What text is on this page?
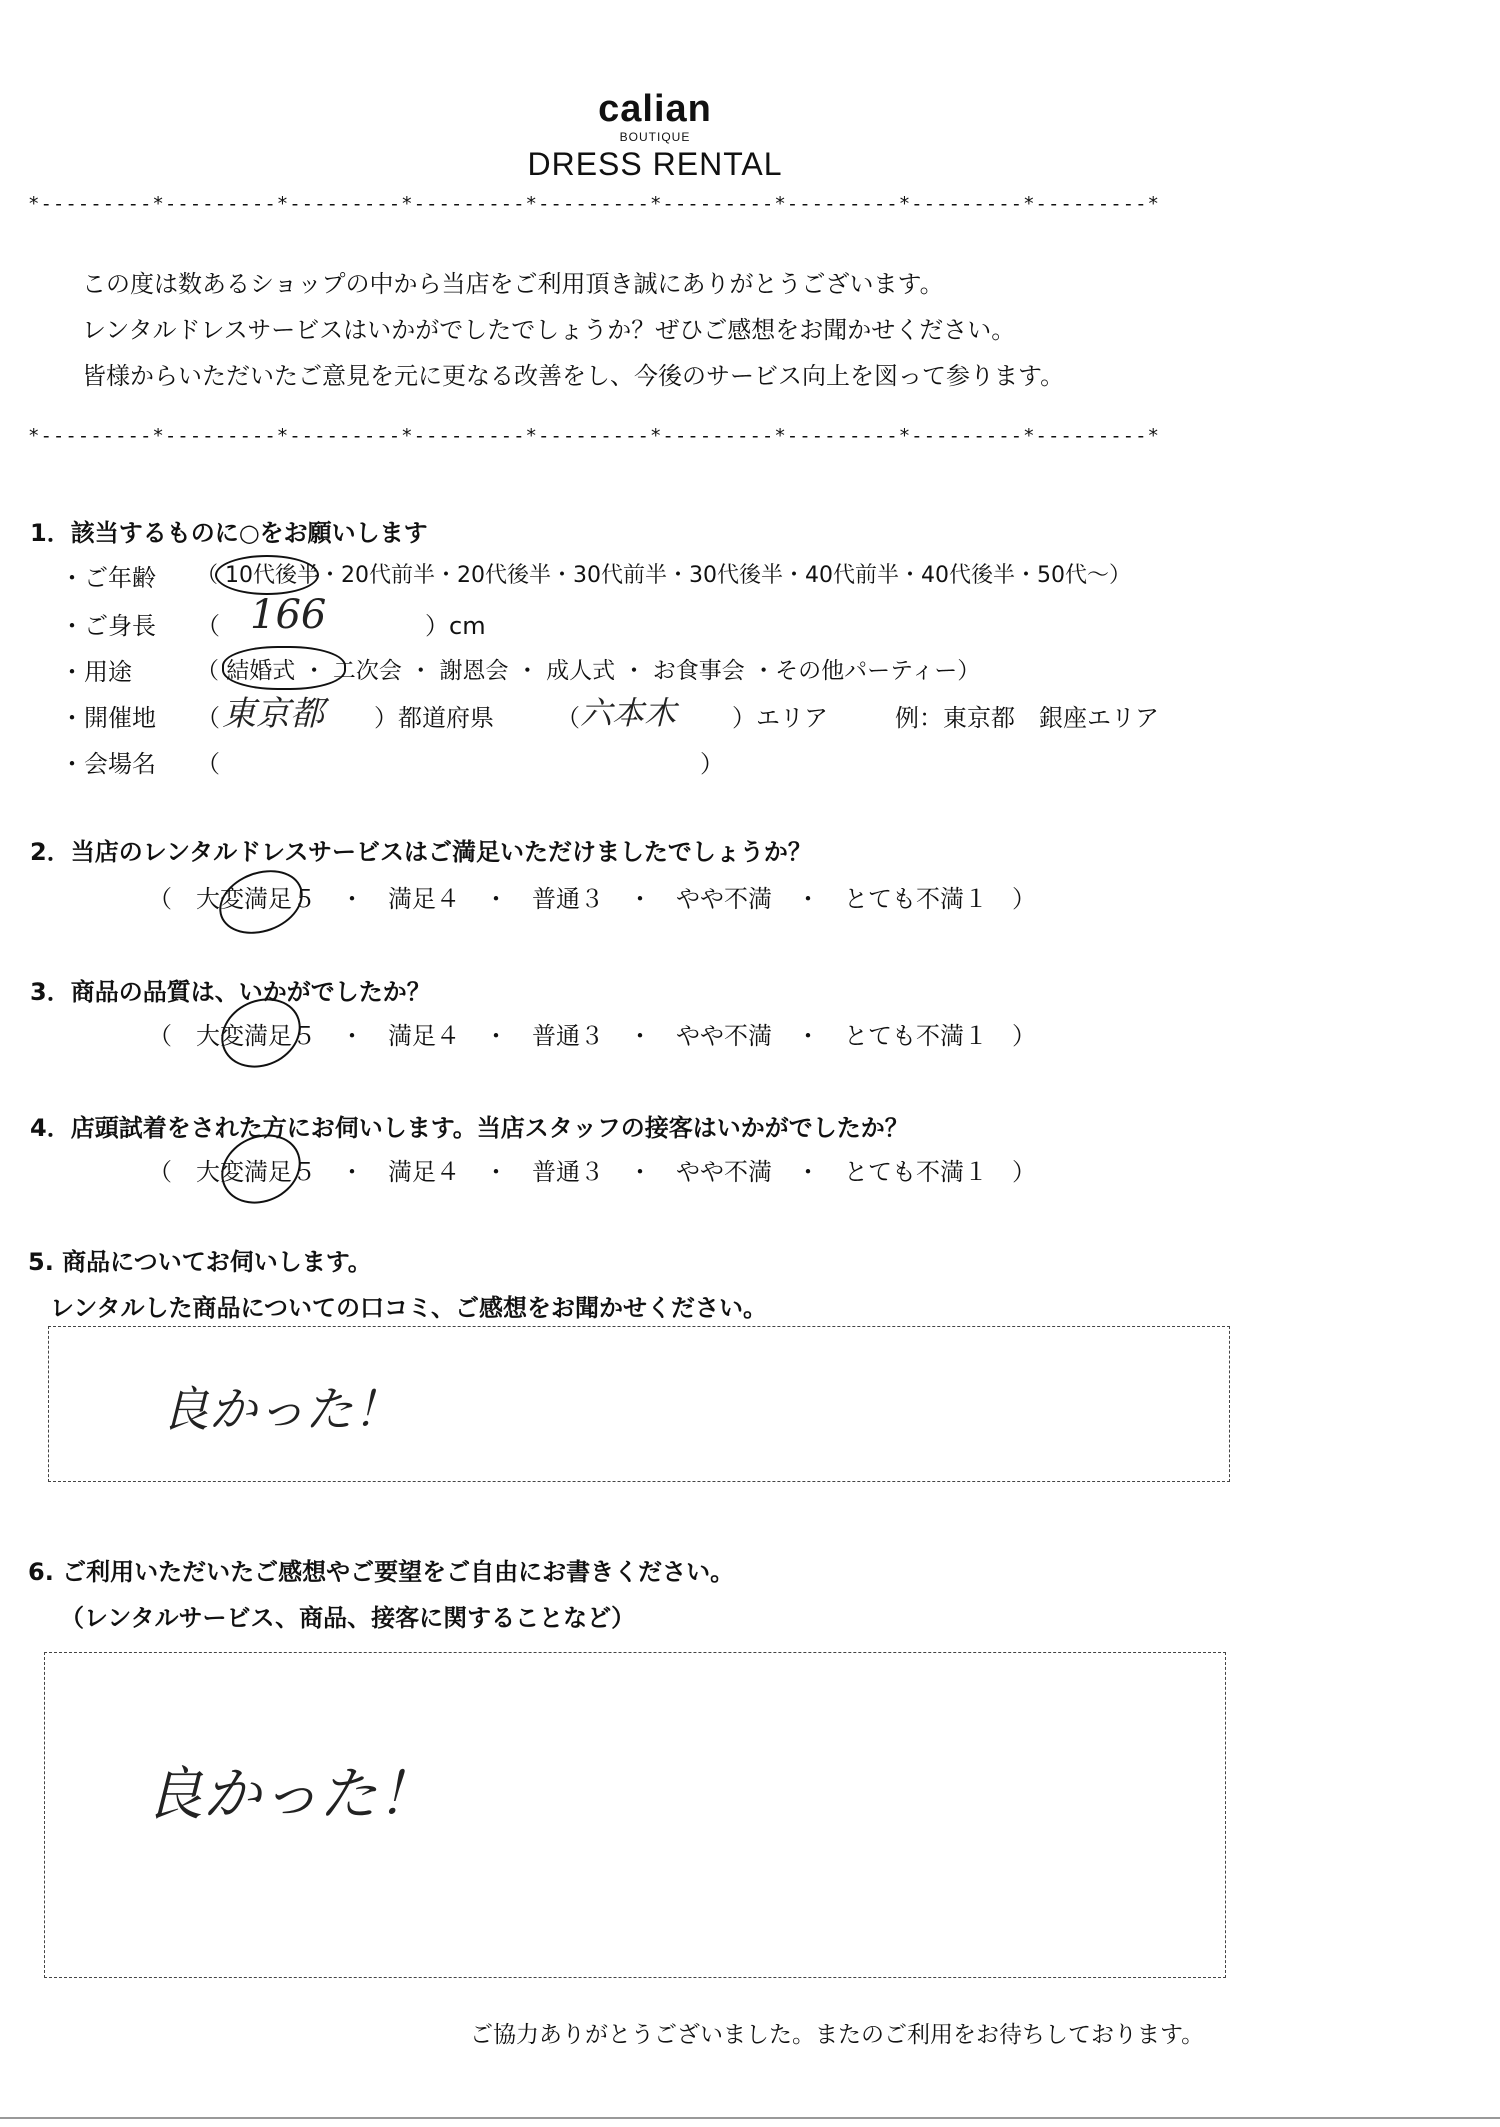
calian
BOUTIQUE
DRESS RENTAL
*---------*---------*---------*---------*---------*---------*---------*---------*---------*
この度は数あるショップの中から当店をご利用頂き誠にありがとうございます。
レンタルドレスサービスはいかがでしたでしょうか？ぜひご感想をお聞かせください。
皆様からいただいたご意見を元に更なる改善をし、今後のサービス向上を図って参ります。
*---------*---------*---------*---------*---------*---------*---------*---------*---------*
1．該当するものに○をお願いします
・ご年齢 （ 10代後半・20代前半・20代後半・30代前半・30代後半・40代前半・40代後半・50代～）
・ご身長 （ 166	）cm
・用途	（ 結婚式 ・ 二次会 ・ 謝恩会 ・ 成人式 ・ お食事会 ・その他パーティー）
・開催地 （ 東京都 ）都道府県	（ 六本木 ）エリア	例：東京都　銀座エリア
・会場名 （	）
2．当店のレンタルドレスサービスはご満足いただけましたでしょうか？
（　大変満足５　・　満足４　・　普通３　・　やや不満　・　とても不満１　）
3．商品の品質は、いかがでしたか？
（　大変満足５　・　満足４　・　普通３　・　やや不満　・　とても不満１　）
4．店頭試着をされた方にお伺いします。当店スタッフの接客はいかがでしたか？
（　大変満足５　・　満足４　・　普通３　・　やや不満　・　とても不満１　）
5. 商品についてお伺いします。
レンタルした商品についての口コミ、ご感想をお聞かせください。
良かった！
6. ご利用いただいたご感想やご要望をご自由にお書きください。
（レンタルサービス、商品、接客に関することなど）
良かった！
ご協力ありがとうございました。またのご利用をお待ちしております。
